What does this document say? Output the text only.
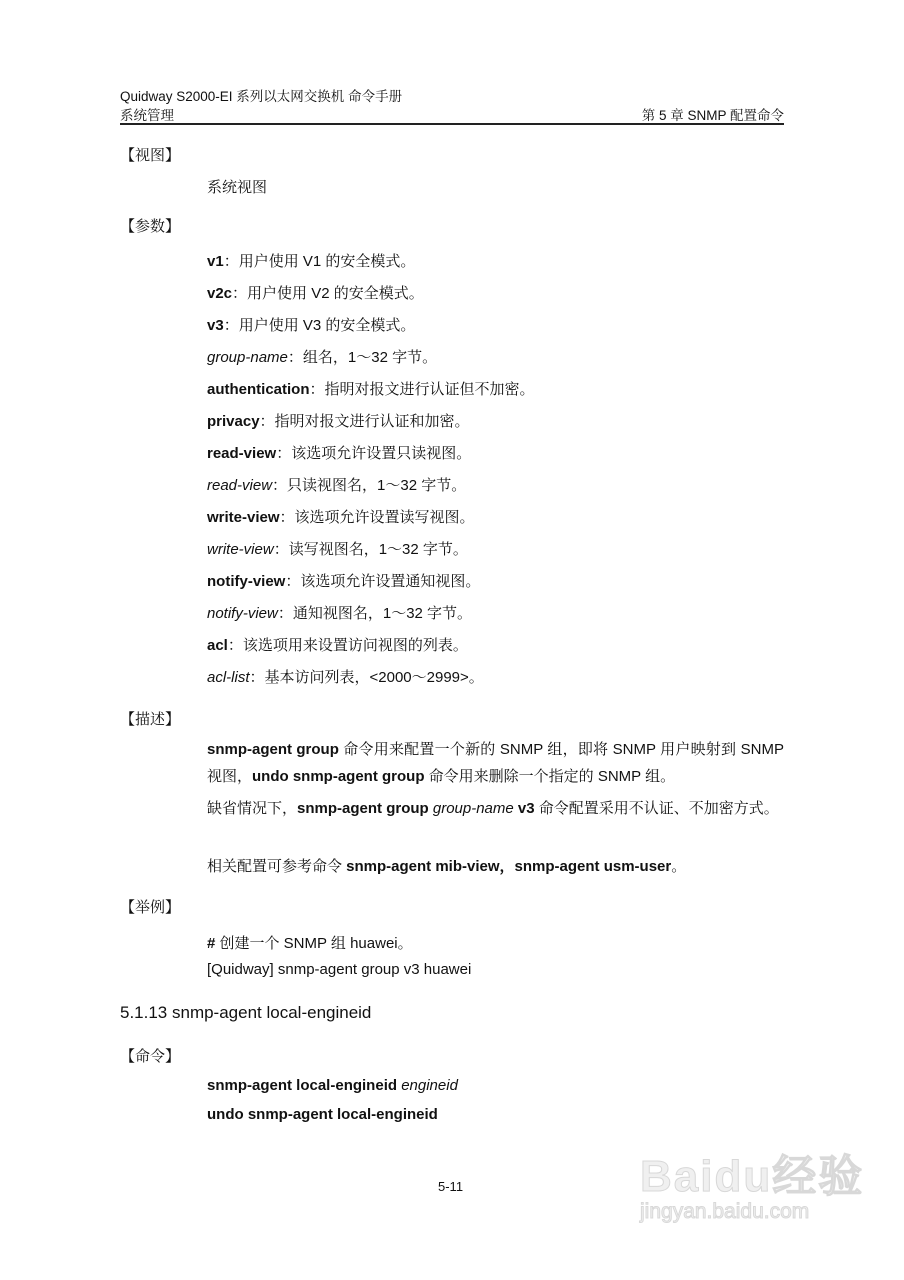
Quidway S2000-EI 系列以太网交换机 命令手册
系统管理	第 5 章 SNMP 配置命令
【视图】
系统视图
【参数】
v1：用户使用 V1 的安全模式。
v2c：用户使用 V2 的安全模式。
v3：用户使用 V3 的安全模式。
group-name：组名，1～32 字节。
authentication：指明对报文进行认证但不加密。
privacy：指明对报文进行认证和加密。
read-view：该选项允许设置只读视图。
read-view：只读视图名，1～32 字节。
write-view：该选项允许设置读写视图。
write-view：读写视图名，1～32 字节。
notify-view：该选项允许设置通知视图。
notify-view：通知视图名，1～32 字节。
acl：该选项用来设置访问视图的列表。
acl-list：基本访问列表，<2000～2999>。
【描述】
snmp-agent group 命令用来配置一个新的 SNMP 组，即将 SNMP 用户映射到 SNMP 视图，undo snmp-agent group 命令用来删除一个指定的 SNMP 组。
缺省情况下，snmp-agent group group-name v3 命令配置采用不认证、不加密方式。
相关配置可参考命令 snmp-agent mib-view，snmp-agent usm-user。
【举例】
# 创建一个 SNMP 组 huawei。
[Quidway] snmp-agent group v3 huawei
5.1.13 snmp-agent local-engineid
【命令】
snmp-agent local-engineid engineid
undo snmp-agent local-engineid
5-11	Baidu经验
jingyan.baidu.com
